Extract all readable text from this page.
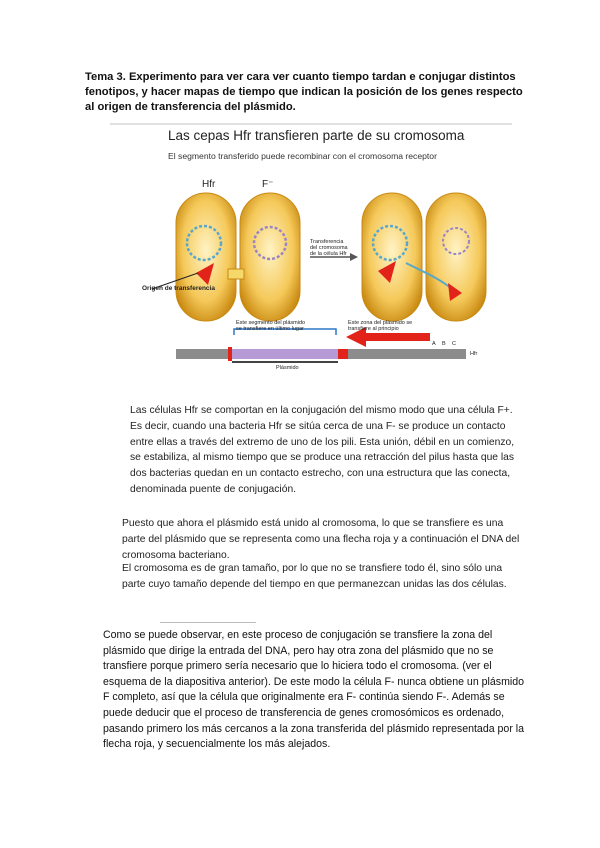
Tema 3. Experimento para ver cara ver cuanto tiempo tardan e conjugar distintos fenotipos, y hacer mapas de tiempo que indican la posición de los genes respecto al origen de transferencia del plásmido.
Las cepas Hfr transfieren parte de su cromosoma
El segmento transferido puede recombinar con el cromosoma receptor
Hfr	F⁻
Origen de transferencia
Transferencia
del cromosoma
de la célula Hfr
Este segmento del plásmido
se transfiere en último lugar
Este zona del plásmido se
transfiere al principio
Plásmido
A B C
Hfr
Las células Hfr se comportan en la conjugación del mismo modo que una célula F+. Es decir, cuando una bacteria Hfr se sitúa cerca de una F- se produce un contacto entre ellas a través del extremo de uno de los pili. Esta unión, débil en un comienzo, se estabiliza, al mismo tiempo que se produce una retracción del pilus hasta que las dos bacterias quedan en un contacto estrecho, con una estructura que las conecta, denominada puente de conjugación.
Puesto que ahora el plásmido está unido al cromosoma, lo que se transfiere es una parte del plásmido que se representa como una flecha roja y a continuación el DNA del cromosoma bacteriano.
El cromosoma es de gran tamaño, por lo que no se transfiere todo él, sino sólo una parte cuyo tamaño depende del tiempo en que permanezcan unidas las dos células.
Como se puede observar, en este proceso de conjugación se transfiere la zona del plásmido que dirige la entrada del DNA, pero hay otra zona del plásmido que no se transfiere porque primero sería necesario que lo hiciera todo el cromosoma. (ver el esquema de la diapositiva anterior). De este modo la célula F- nunca obtiene un plásmido F completo, así que la célula que originalmente era F- continúa siendo F-. Además se puede deducir que el proceso de transferencia de genes cromosómicos es ordenado, pasando primero los más cercanos a la zona transferida del plásmido representada por la flecha roja, y secuencialmente los más alejados.
